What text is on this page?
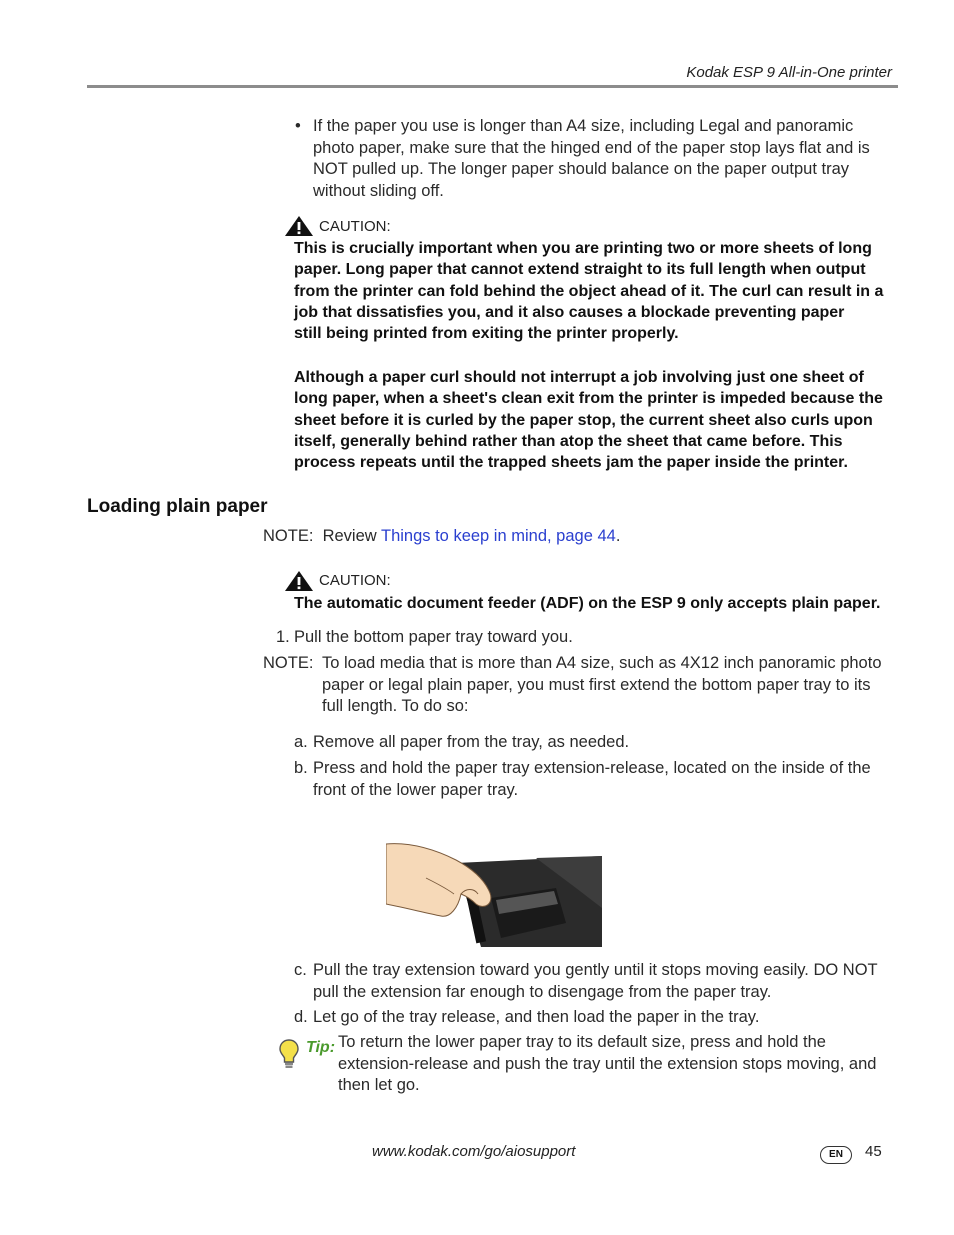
Kodak ESP 9 All-in-One printer
• If the paper you use is longer than A4 size, including Legal and panoramic
photo paper, make sure that the hinged end of the paper stop lays flat and is
NOT pulled up. The longer paper should balance on the paper output tray
without sliding off.
CAUTION:
This is crucially important when you are printing two or more sheets of long
paper. Long paper that cannot extend straight to its full length when output
from the printer can fold behind the object ahead of it. The curl can result in a
job that dissatisfies you, and it also causes a blockade preventing paper
still being printed from exiting the printer properly.
Although a paper curl should not interrupt a job involving just one sheet of
long paper, when a sheet's clean exit from the printer is impeded because the
sheet before it is curled by the paper stop, the current sheet also curls upon
itself, generally behind rather than atop the sheet that came before. This
process repeats until the trapped sheets jam the paper inside the printer.
Loading plain paper
NOTE: Review Things to keep in mind, page 44.
CAUTION:
The automatic document feeder (ADF) on the ESP 9 only accepts plain paper.
1. Pull the bottom paper tray toward you.
NOTE: To load media that is more than A4 size, such as 4X12 inch panoramic photo
paper or legal plain paper, you must first extend the bottom paper tray to its
full length. To do so:
a. Remove all paper from the tray, as needed.
b. Press and hold the paper tray extension-release, located on the inside of the
front of the lower paper tray.
c. Pull the tray extension toward you gently until it stops moving easily. DO NOT
pull the extension far enough to disengage from the paper tray.
d. Let go of the tray release, and then load the paper in the tray.
Tip: To return the lower paper tray to its default size, press and hold the
extension-release and push the tray until the extension stops moving, and
then let go.
www.kodak.com/go/aiosupport	EN	45
